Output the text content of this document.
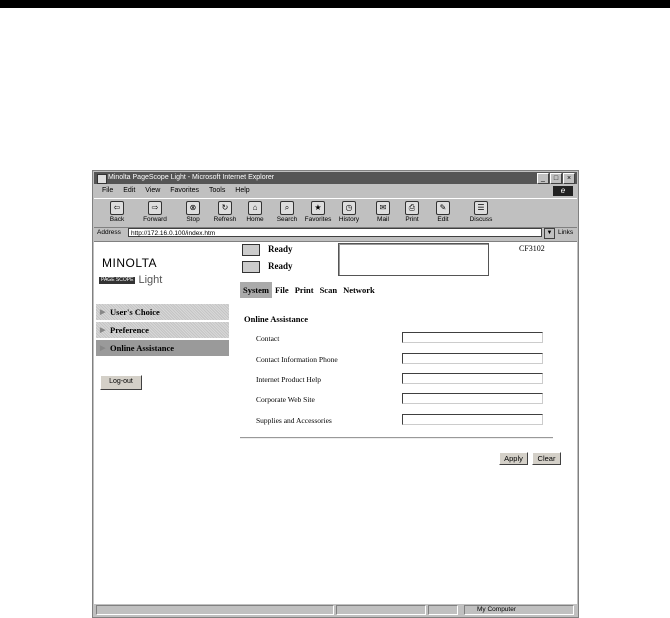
Minolta PageScope Light - Microsoft Internet Explorer	_	□	×
File Edit View Favorites Tools Help	e
⇦
Back
⇨
Forward
⊗
Stop
↻
Refresh
⌂
Home
⌕
Search
★
Favorites
◷
History
✉
Mail
⎙
Print
✎
Edit
☰
Discuss
Address	http://172.16.0.100/index.htm	▼ Links
MINOLTA
PAGE SCOPE Light
▶ User's Choice
▶ Preference
▶ Online Assistance
Log-out
Ready
Ready
CF3102
System File Print Scan Network
Online Assistance
Contact
Contact Information Phone
Internet Product Help
Corporate Web Site
Supplies and Accessories
Apply	Clear
My Computer
